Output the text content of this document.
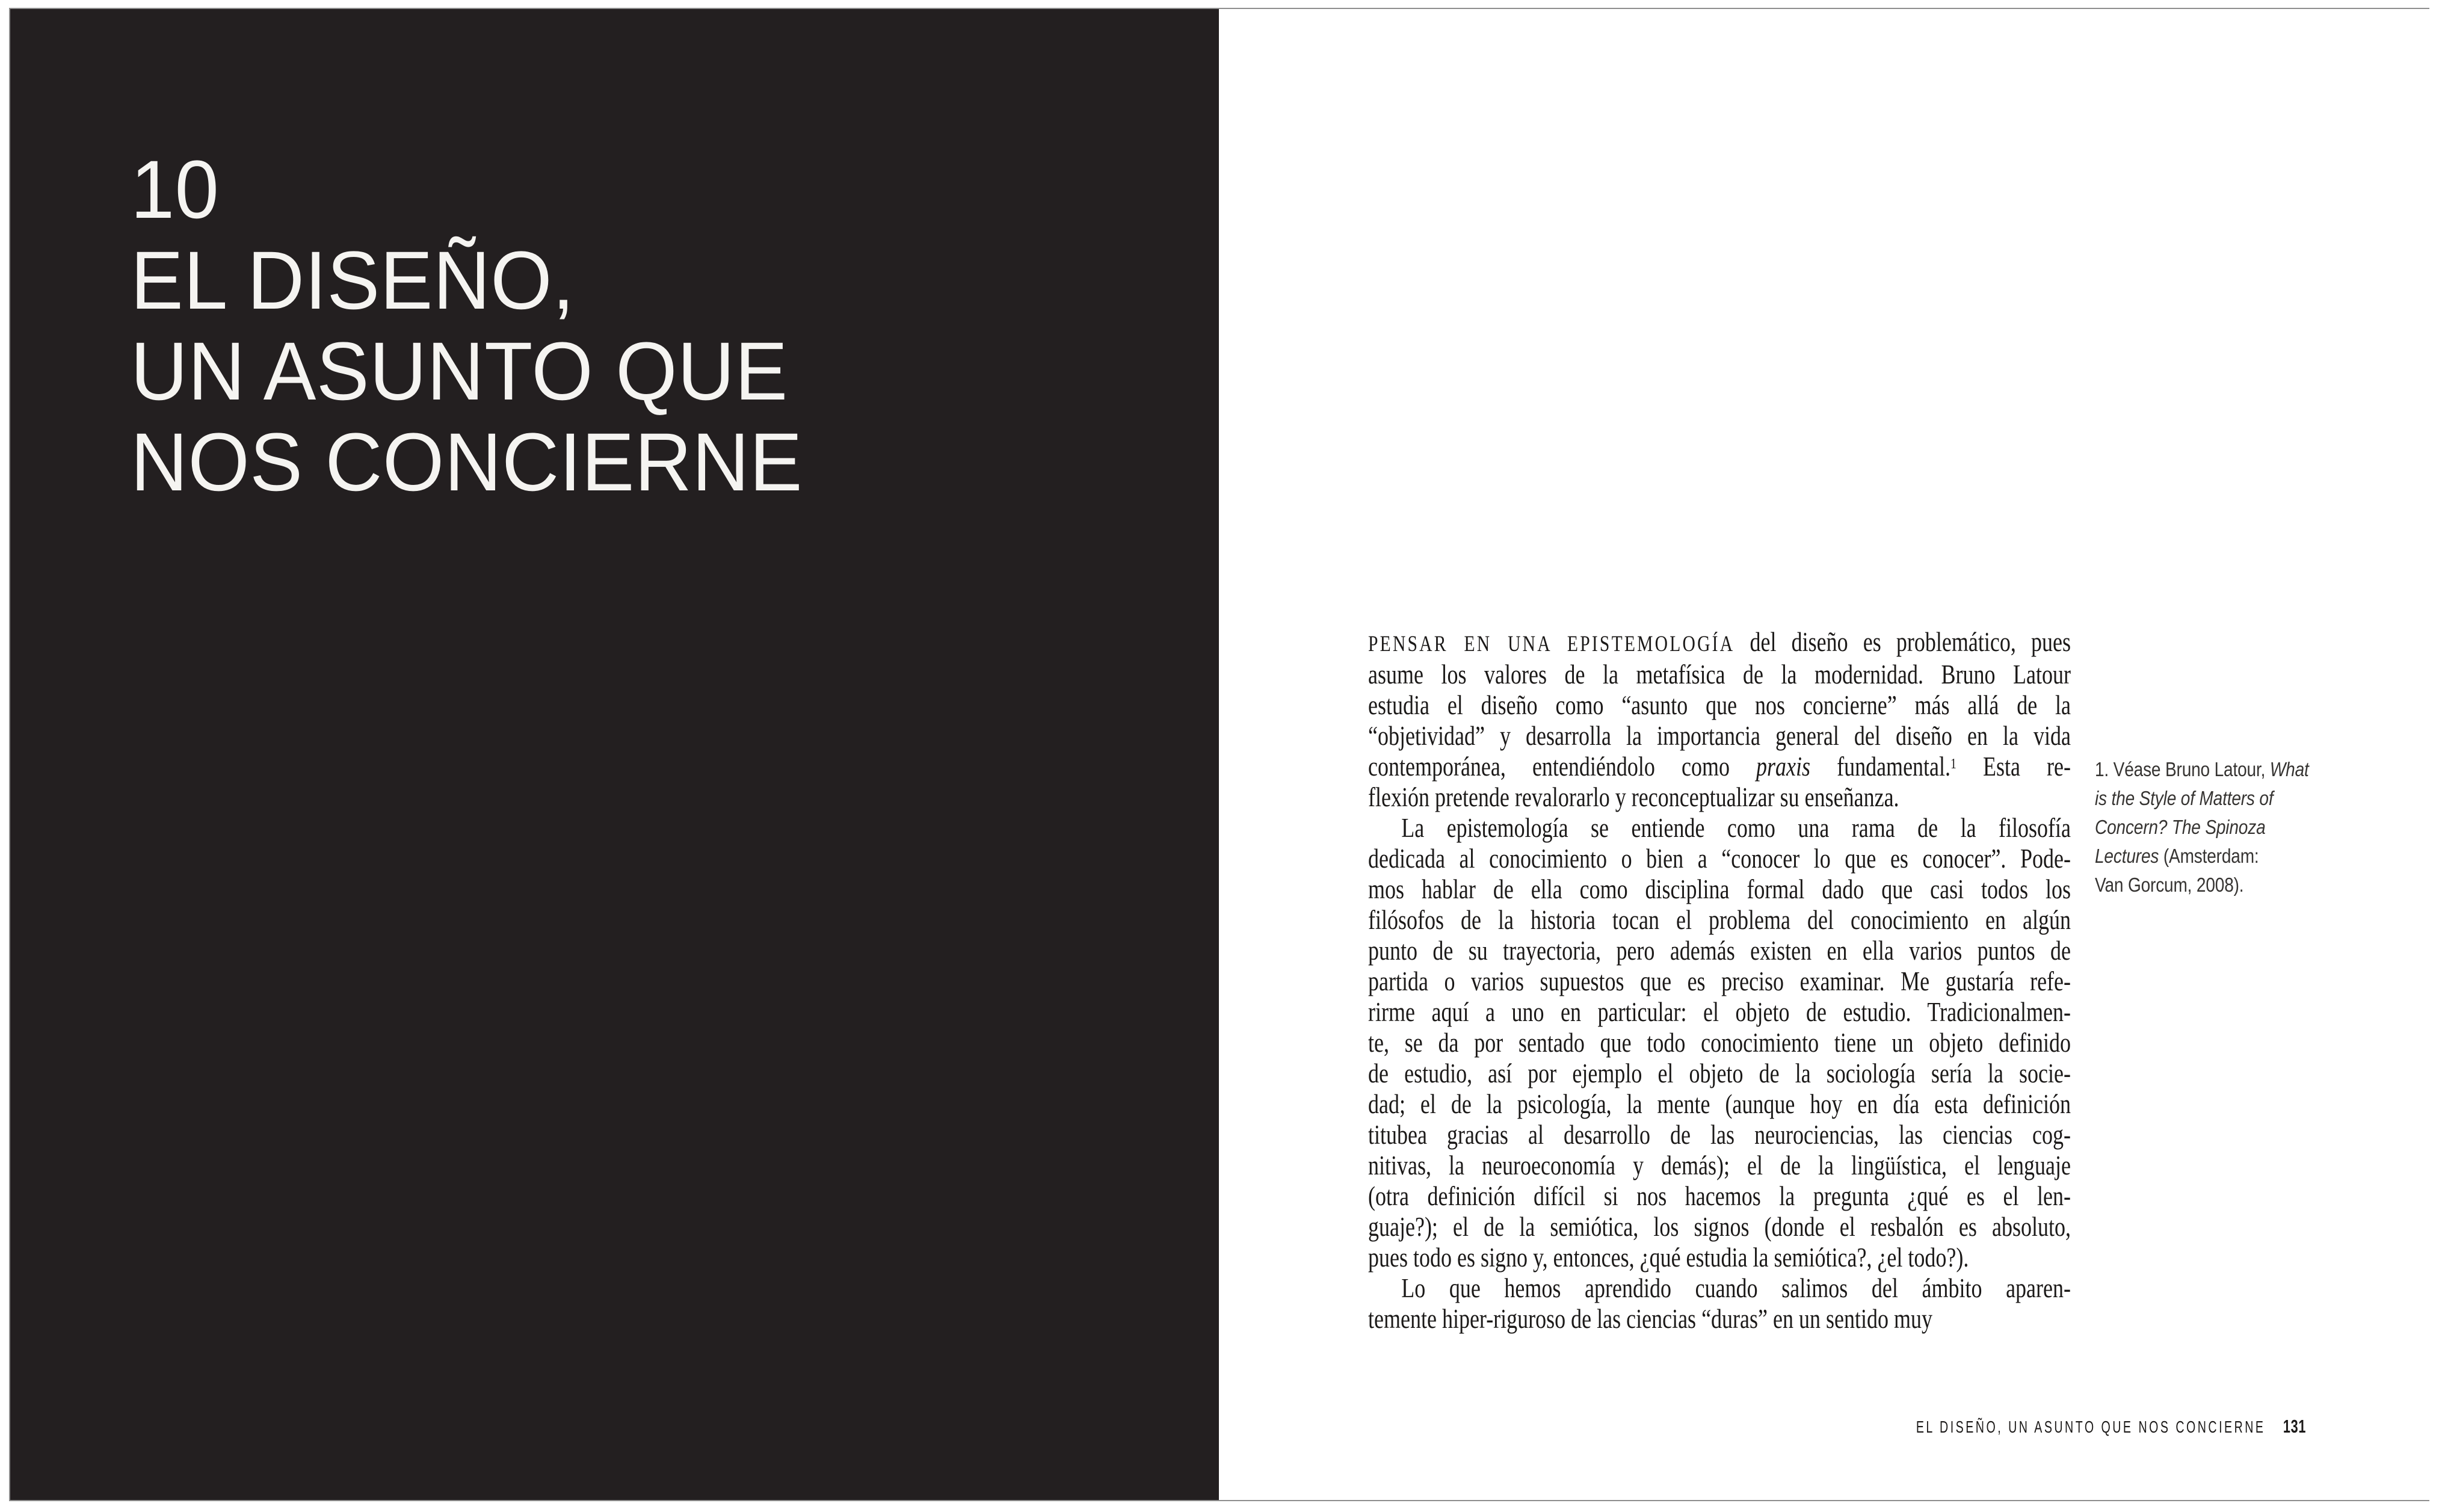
10
EL DISEÑO,
UN ASUNTO QUE
NOS CONCIERNE
PENSAR EN UNA EPISTEMOLOGÍA del diseño es problemático, pues
asume los valores de la metafísica de la modernidad. Bruno Latour
estudia el diseño como “asunto que nos concierne” más allá de la
“objetividad” y desarrolla la importancia general del diseño en la vida
contemporánea, entendiéndolo como praxis fundamental.$^1$ Esta re-
flexión pretende revalorarlo y reconceptualizar su enseñanza.
La epistemología se entiende como una rama de la filosofía
dedicada al conocimiento o bien a “conocer lo que es conocer”. Pode-
mos hablar de ella como disciplina formal dado que casi todos los
filósofos de la historia tocan el problema del conocimiento en algún
punto de su trayectoria, pero además existen en ella varios puntos de
partida o varios supuestos que es preciso examinar. Me gustaría refe-
rirme aquí a uno en particular: el objeto de estudio. Tradicionalmen-
te, se da por sentado que todo conocimiento tiene un objeto definido
de estudio, así por ejemplo el objeto de la sociología sería la socie-
dad; el de la psicología, la mente (aunque hoy en día esta definición
titubea gracias al desarrollo de las neurociencias, las ciencias cog-
nitivas, la neuroeconomía y demás); el de la lingüística, el lenguaje
(otra definición difícil si nos hacemos la pregunta ¿qué es el len-
guaje?); el de la semiótica, los signos (donde el resbalón es absoluto,
pues todo es signo y, entonces, ¿qué estudia la semiótica?, ¿el todo?).
Lo que hemos aprendido cuando salimos del ámbito aparen-
temente hiper-riguroso de las ciencias “duras” en un sentido muy
1. Véase Bruno Latour, What
is the Style of Matters of
Concern? The Spinoza
Lectures (Amsterdam:
Van Gorcum, 2008).
EL DISEÑO, UN ASUNTO QUE NOS CONCIERNE 131
